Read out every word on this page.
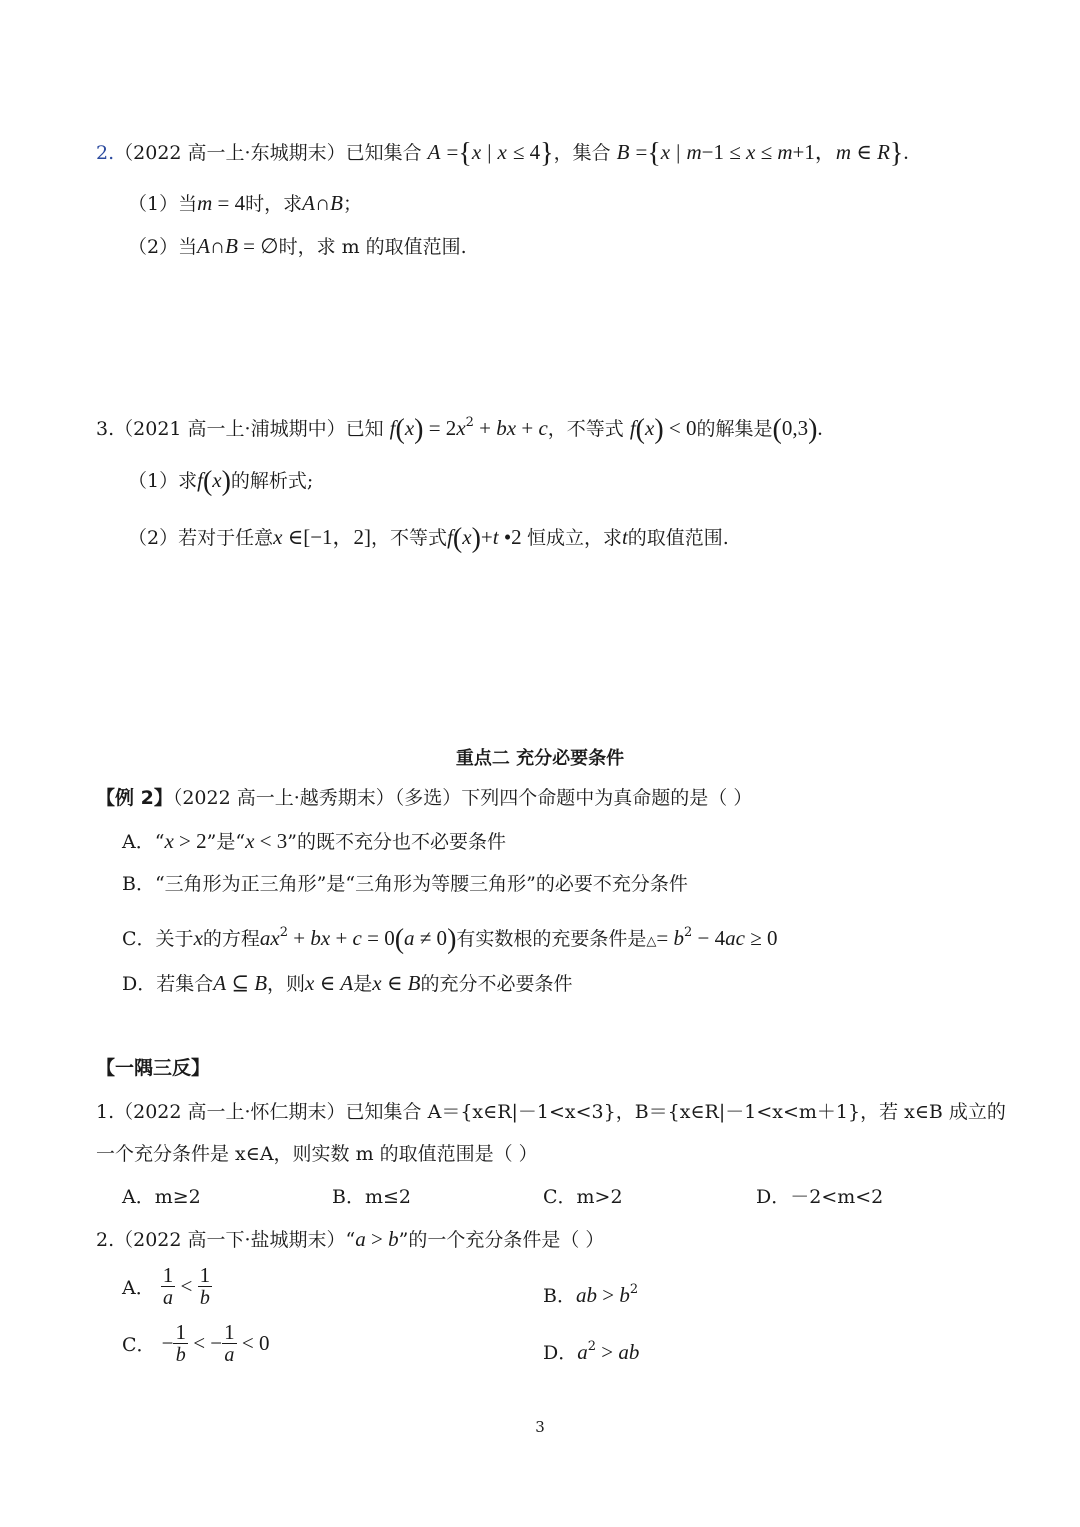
2.（2022 高一上·东城期末）已知集合 A ={x | x ≤ 4}，集合 B ={x | m−1 ≤ x ≤ m+1，m ∈ R}.
（1）当m = 4时，求A∩B；
（2）当A∩B = ∅时，求 m 的取值范围.
3.（2021 高一上·浦城期中）已知 $f(x) = 2x^2$ + bx + c，不等式 f(x) < 0的解集是(0,3).
（1）求f(x)的解析式;
（2）若对于任意x ∈[−1，2]，不等式f(x)+t •2 恒成立，求t的取值范围.
重点二 充分必要条件
【例 2】（2022 高一上·越秀期末）（多选）下列四个命题中为真命题的是（ ）
A．“x > 2”是“x < 3”的既不充分也不必要条件
B．“三角形为正三角形”是“三角形为等腰三角形”的必要不充分条件
C．关于x的方程$ax^2$ + bx + c = 0(a ≠ 0)有实数根的充要条件是△= $b^2 - 4ac \ge 0$
D．若集合A ⊆ B，则x ∈ A是x ∈ B的充分不必要条件
【一隅三反】
1.（2022 高一上·怀仁期末）已知集合 A＝{x∈R|－1<x<3}，B＝{x∈R|－1<x<m＋1}，若 x∈B 成立的
一个充分条件是 x∈A，则实数 m 的取值范围是（ ）
A．m≥2	B．m≤2	C．m>2	D．－2<m<2
2.（2022 高一下·盐城期末）“a > b”的一个充分条件是（ ）
A． $\frac{1}{a} < \frac{1}{b}$	B．ab > $b^2$
C． − $\frac{1}{b}$ < − $\frac{1}{a} < 0$	D．$a^2$ > ab
3
